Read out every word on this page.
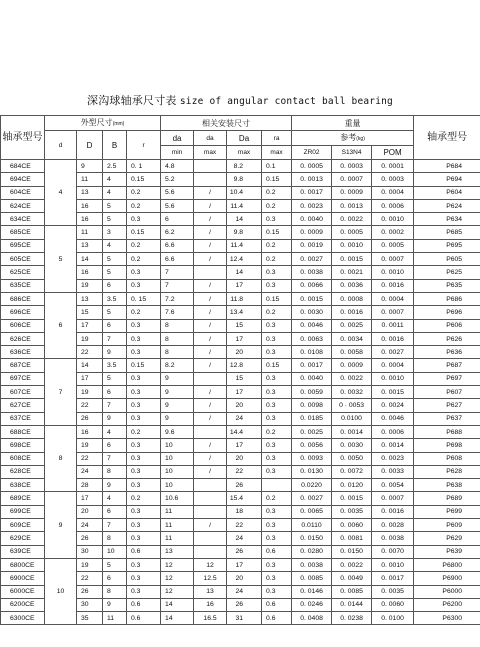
深沟球轴承尺寸表 size of angular contact ball bearing
轴承型号	外型尺寸(mm)				相关安装尺寸				重量			轴承型号
	d	D	B	r	da	da	Da	ra	参考(kg)			
					min	max	max	max	ZR02	S13N4	POM	
684CE	4	9	2.5	0. 1	4.8		8.2	0.1	0. 0005	0. 0003	0. 0001	P684
694CE		11	4	0.15	5.2		9.8	0.15	0. 0013	0. 0007	0. 0003	P694
604CE		13	4	0.2	5.6	/	10.4	0.2	0. 0017	0. 0009	0. 0004	P604
624CE		16	5	0.2	5.6	/	11.4	0.2	0. 0023	0. 0013	0. 0006	P624
634CE		16	5	0.3	6	/	14	0.3	0. 0040	0. 0022	0. 0010	P634
685CE	5	11	3	0.15	6.2	/	9.8	0.15	0. 0009	0. 0005	0. 0002	P685
695CE		13	4	0.2	6.6	/	11.4	0.2	0. 0019	0. 0010	0. 0005	P695
605CE		14	5	0.2	6.6	/	12.4	0.2	0. 0027	0. 0015	0. 0007	P605
625CE		16	5	0.3	7		14	0.3	0. 0038	0. 0021	0. 0010	P625
635CE		19	6	0.3	7	/	17	0.3	0. 0066	0. 0036	0. 0016	P635
686CE	6	13	3.5	0. 15	7.2	/	11.8	0.15	0. 0015	0. 0008	0. 0004	P686
696CE		15	5	0.2	7.6	/	13.4	0.2	0. 0030	0. 0016	0. 0007	P696
606CE		17	6	0.3	8	/	15	0.3	0. 0046	0. 0025	0. 0011	P606
626CE		19	7	0.3	8	/	17	0.3	0. 0063	0. 0034	0. 0016	P626
636CE		22	9	0.3	8	/	20	0.3	0. 0108	0. 0058	0. 0027	P636
687CE	7	14	3.5	0.15	8.2	/	12.8	0.15	0. 0017	0. 0009	0. 0004	P687
697CE		17	5	0.3	9		15	0.3	0. 0040	0. 0022	0. 0010	P697
607CE		19	6	0.3	9	/	17	0.3	0. 0059	0. 0032	0. 0015	P607
627CE		22	7	0.3	9	/	20	0.3	0. 0098	0 · 0053	0. 0024	P627
637CE		26	9	0.3	9	/	24	0.3	0. 0185	0.0100	0. 0046	P637
688CE	8	16	4	0.2	9.6		14.4	0.2	0. 0025	0. 0014	0. 0006	P688
698CE		19	6	0.3	10	/	17	0.3	0. 0056	0. 0030	0. 0014	P698
608CE		22	7	0.3	10	/	20	0.3	0. 0093	0. 0050	0. 0023	P608
628CE		24	8	0.3	10	/	22	0.3	0. 0130	0. 0072	0. 0033	P628
638CE		28	9	0.3	10		26		0.0220	0. 0120	0. 0054	P638
689CE	9	17	4	0.2	10.6		15.4	0.2	0. 0027	0. 0015	0. 0007	P689
699CE		20	6	0.3	11		18	0.3	0. 0065	0. 0035	0. 0016	P699
609CE		24	7	0.3	11	/	22	0.3	0.0110	0. 0060	0. 0028	P609
629CE		26	8	0.3	11		24	0.3	0. 0150	0. 0081	0. 0038	P629
639CE		30	10	0.6	13		26	0.6	0. 0280	0. 0150	0. 0070	P639
6800CE	10	19	5	0.3	12	12	17	0.3	0. 0038	0. 0022	0. 0010	P6800
6900CE		22	6	0.3	12	12.5	20	0.3	0. 0085	0. 0049	0. 0017	P6900
6000CE		26	8	0.3	12	13	24	0.3	0. 0146	0. 0085	0. 0035	P6000
6200CE		30	9	0.6	14	16	26	0.6	0. 0246	0. 0144	0. 0060	P6200
6300CE		35	11	0.6	14	16.5	31	0.6	0. 0408	0. 0238	0. 0100	P6300
